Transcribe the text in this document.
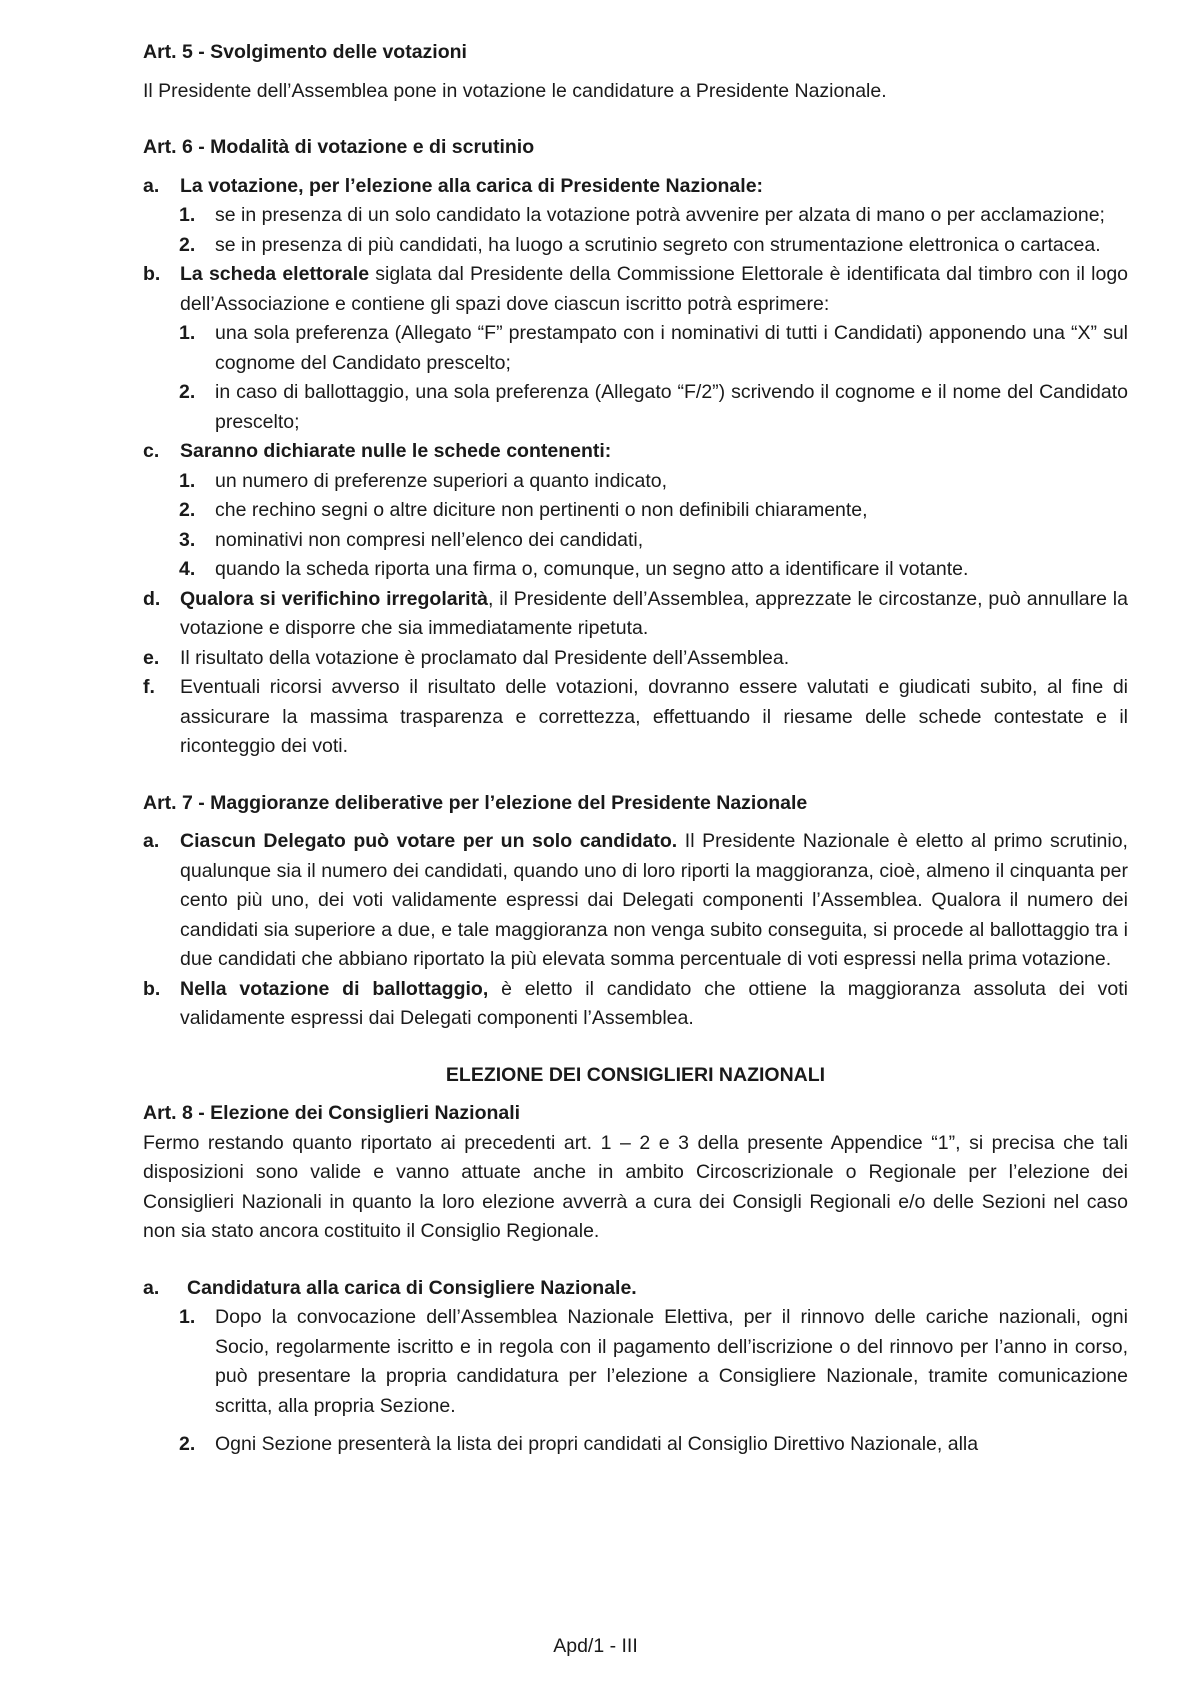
Art. 5 - Svolgimento delle votazioni

Il Presidente dell’Assemblea pone in votazione le candidature a Presidente Nazionale.

Art. 6 - Modalità di votazione e di scrutinio
a. La votazione, per l’elezione alla carica di Presidente Nazionale:
1. se in presenza di un solo candidato la votazione potrà avvenire per alzata di mano o per acclamazione;
2. se in presenza di più candidati, ha luogo a scrutinio segreto con strumentazione elettronica o cartacea.
b. La scheda elettorale siglata dal Presidente della Commissione Elettorale è identificata dal timbro con il logo dell’Associazione e contiene gli spazi dove ciascun iscritto potrà esprimere:
1. una sola preferenza (Allegato “F” prestampato con i nominativi di tutti i Candidati) apponendo una “X” sul cognome del Candidato prescelto;
2. in caso di ballottaggio, una sola preferenza (Allegato “F/2”) scrivendo il cognome e il nome del Candidato prescelto;
c. Saranno dichiarate nulle le schede contenenti:
1. un numero di preferenze superiori a quanto indicato,
2. che rechino segni o altre diciture non pertinenti o non definibili chiaramente,
3. nominativi non compresi nell’elenco dei candidati,
4. quando la scheda riporta una firma o, comunque, un segno atto a identificare il votante.
d. Qualora si verifichino irregolarità, il Presidente dell’Assemblea, apprezzate le circostanze, può annullare la votazione e disporre che sia immediatamente ripetuta.
e. Il risultato della votazione è proclamato dal Presidente dell’Assemblea.
f. Eventuali ricorsi avverso il risultato delle votazioni, dovranno essere valutati e giudicati subito, al fine di assicurare la massima trasparenza e correttezza, effettuando il riesame delle schede contestate e il riconteggio dei voti.
Art. 7 - Maggioranze deliberative per l’elezione del Presidente Nazionale
a. Ciascun Delegato può votare per un solo candidato. Il Presidente Nazionale è eletto al primo scrutinio, qualunque sia il numero dei candidati, quando uno di loro riporti la maggioranza, cioè, almeno il cinquanta per cento più uno, dei voti validamente espressi dai Delegati componenti l’Assemblea. Qualora il numero dei candidati sia superiore a due, e tale maggioranza non venga subito conseguita, si procede al ballottaggio tra i due candidati che abbiano riportato la più elevata somma percentuale di voti espressi nella prima votazione.
b. Nella votazione di ballottaggio, è eletto il candidato che ottiene la maggioranza assoluta dei voti validamente espressi dai Delegati componenti l’Assemblea.
ELEZIONE DEI CONSIGLIERI NAZIONALI
Art. 8 - Elezione dei Consiglieri Nazionali

Fermo restando quanto riportato ai precedenti art. 1 – 2 e 3 della presente Appendice “1”, si precisa che tali disposizioni sono valide e vanno attuate anche in ambito Circoscrizionale o Regionale per l’elezione dei Consiglieri Nazionali in quanto la loro elezione avverrà a cura dei Consigli Regionali e/o delle Sezioni nel caso non sia stato ancora costituito il Consiglio Regionale.

a. Candidatura alla carica di Consigliere Nazionale.
1. Dopo la convocazione dell’Assemblea Nazionale Elettiva, per il rinnovo delle cariche nazionali, ogni Socio, regolarmente iscritto e in regola con il pagamento dell’iscrizione o del rinnovo per l’anno in corso, può presentare la propria candidatura per l’elezione a Consigliere Nazionale, tramite comunicazione scritta, alla propria Sezione.
2. Ogni Sezione presenterà la lista dei propri candidati al Consiglio Direttivo Nazionale, alla
Apd/1 - III
